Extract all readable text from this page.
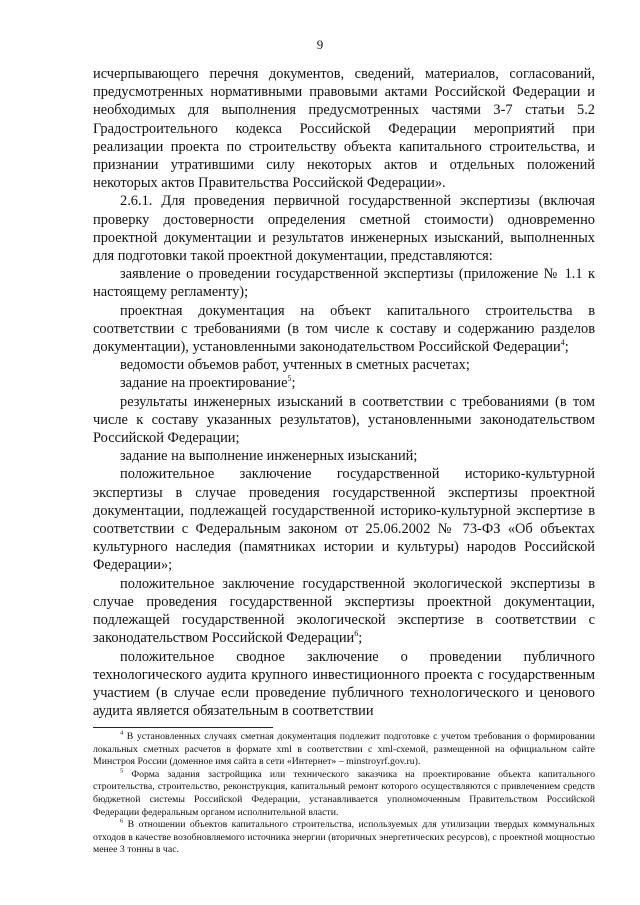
9

исчерпывающего перечня документов, сведений, материалов, согласований, предусмотренных нормативными правовыми актами Российской Федерации и необходимых для выполнения предусмотренных частями 3-7 статьи 5.2 Градостроительного кодекса Российской Федерации мероприятий при реализации проекта по строительству объекта капитального строительства, и признании утратившими силу некоторых актов и отдельных положений некоторых актов Правительства Российской Федерации».

2.6.1. Для проведения первичной государственной экспертизы (включая проверку достоверности определения сметной стоимости) одновременно проектной документации и результатов инженерных изысканий, выполненных для подготовки такой проектной документации, представляются:

заявление о проведении государственной экспертизы (приложение № 1.1 к настоящему регламенту);

проектная документация на объект капитального строительства в соответствии с требованиями (в том числе к составу и содержанию разделов документации), установленными законодательством Российской Федерации$^4$;

ведомости объемов работ, учтенных в сметных расчетах;

задание на проектирование$^5$;

результаты инженерных изысканий в соответствии с требованиями (в том числе к составу указанных результатов), установленными законодательством Российской Федерации;

задание на выполнение инженерных изысканий;

положительное заключение государственной историко-культурной экспертизы в случае проведения государственной экспертизы проектной документации, подлежащей государственной историко-культурной экспертизе в соответствии с Федеральным законом от 25.06.2002 № 73-ФЗ «Об объектах культурного наследия (памятниках истории и культуры) народов Российской Федерации»;

положительное заключение государственной экологической экспертизы в случае проведения государственной экспертизы проектной документации, подлежащей государственной экологической экспертизе в соответствии с законодательством Российской Федерации$^6$;

положительное сводное заключение о проведении публичного технологического аудита крупного инвестиционного проекта с государственным участием (в случае если проведение публичного технологического и ценового аудита является обязательным в соответствии

$^4$ В установленных случаях сметная документация подлежит подготовке с учетом требования о формировании локальных сметных расчетов в формате xml в соответствии с xml-схемой, размещенной на официальном сайте Минстроя России (доменное имя сайта в сети «Интернет» – minstroyrf.gov.ru).

$^5$ Форма задания застройщика или технического заказчика на проектирование объекта капитального строительства, строительство, реконструкция, капитальный ремонт которого осуществляются с привлечением средств бюджетной системы Российской Федерации, устанавливается уполномоченным Правительством Российской Федерации федеральным органом исполнительной власти.

$^6$ В отношении объектов капитального строительства, используемых для утилизации твердых коммунальных отходов в качестве возобновляемого источника энергии (вторичных энергетических ресурсов), с проектной мощностью менее 3 тонны в час.
